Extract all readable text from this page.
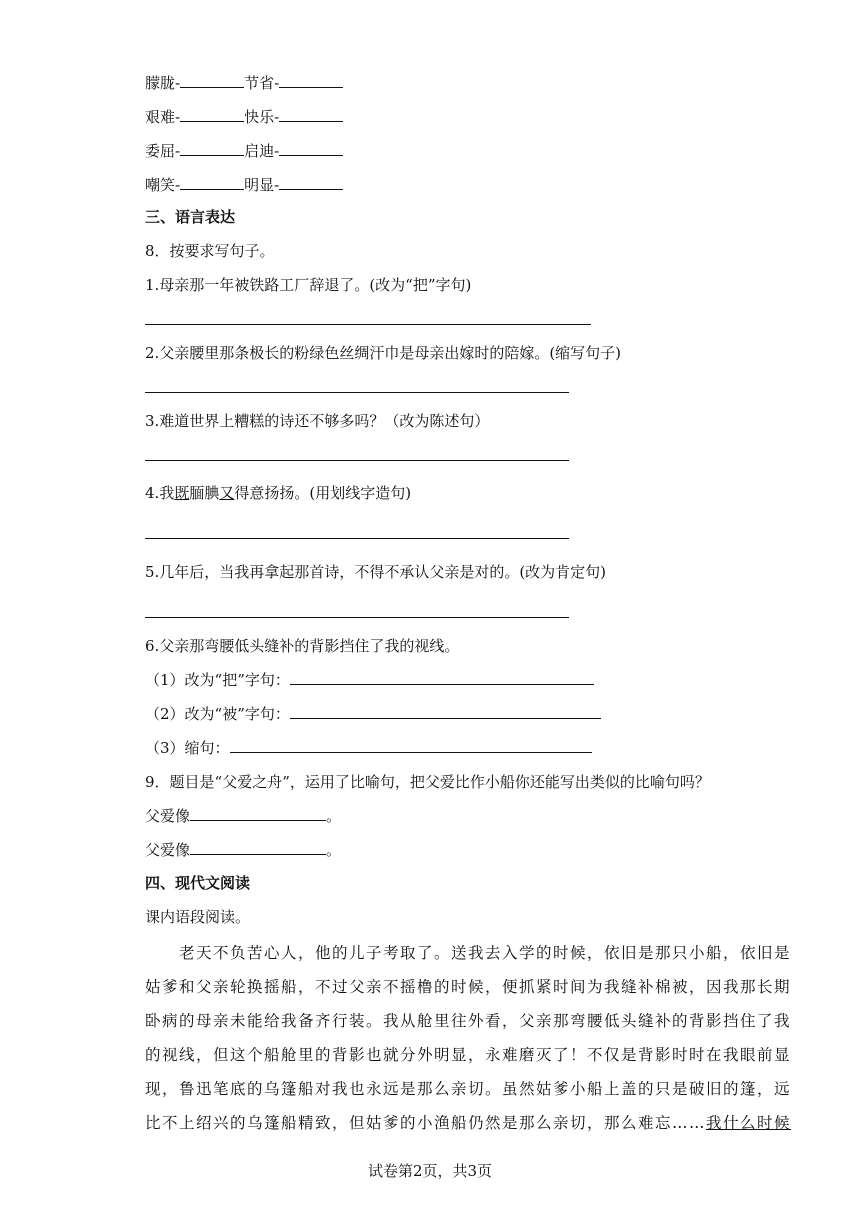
朦胧-	节省-
艰难-	快乐-
委屈-	启迪-
嘲笑-	明显-
三、语言表达
8．按要求写句子。
1.母亲那一年被铁路工厂辞退了。(改为“把”字句)
2.父亲腰里那条极长的粉绿色丝绸汗巾是母亲出嫁时的陪嫁。(缩写句子)
3.难道世界上糟糕的诗还不够多吗？（改为陈述句）
4.我既腼腆又得意扬扬。(用划线字造句)
5.几年后，当我再拿起那首诗，不得不承认父亲是对的。(改为肯定句)
6.父亲那弯腰低头缝补的背影挡住了我的视线。
（1）改为“把”字句：
（2）改为“被”字句：
（3）缩句：
9．题目是“父爱之舟”，运用了比喻句，把父爱比作小船你还能写出类似的比喻句吗？
父爱像	。
父爱像	。
四、现代文阅读
课内语段阅读。
　　老天不负苦心人，他的儿子考取了。送我去入学的时候，依旧是那只小船，依旧是
姑爹和父亲轮换摇船，不过父亲不摇橹的时候，便抓紧时间为我缝补棉被，因我那长期
卧病的母亲未能给我备齐行装。我从舱里往外看，父亲那弯腰低头缝补的背影挡住了我
的视线，但这个船舱里的背影也就分外明显，永难磨灭了！不仅是背影时时在我眼前显
现，鲁迅笔底的乌篷船对我也永远是那么亲切。虽然姑爹小船上盖的只是破旧的篷，远
比不上绍兴的乌篷船精致，但姑爹的小渔船仍然是那么亲切，那么难忘……我什么时候
试卷第2页，共3页
